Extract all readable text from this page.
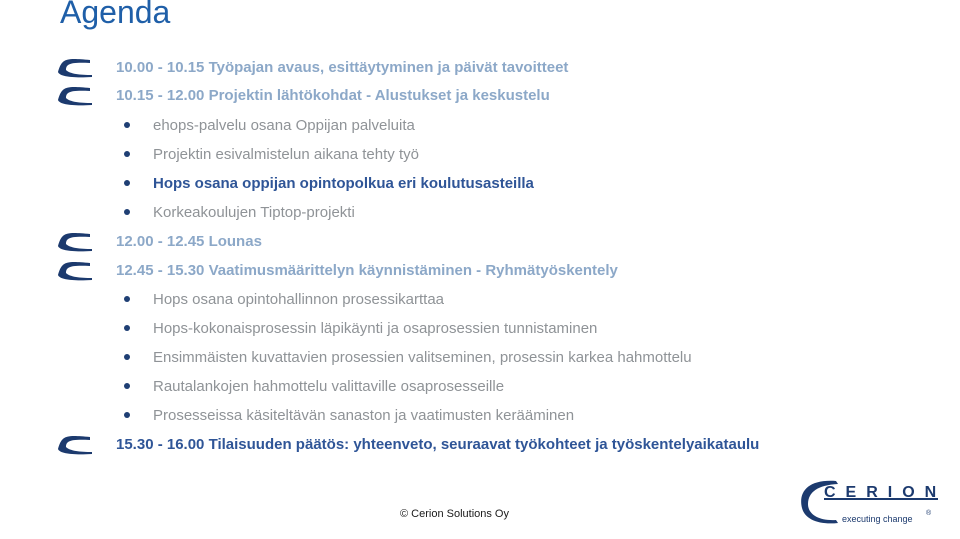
Agenda
10.00 - 10.15 Työpajan avaus, esittäytyminen ja päivät tavoitteet
10.15 - 12.00 Projektin lähtökohdat - Alustukset ja keskustelu
ehops-palvelu osana Oppijan palveluita
Projektin esivalmistelun aikana tehty työ
Hops osana oppijan opintopolkua eri koulutusasteilla
Korkeakoulujen Tiptop-projekti
12.00 - 12.45 Lounas
12.45 - 15.30 Vaatimusmäärittelyn käynnistäminen - Ryhmätyöskentely
Hops osana opintohallinnon prosessikarttaa
Hops-kokonaisprosessin läpikäynti ja osaprosessien tunnistaminen
Ensimmäisten kuvattavien prosessien valitseminen, prosessin karkea hahmottelu
Rautalankojen hahmottelu valittaville osaprosesseille
Prosesseissa käsiteltävän sanaston ja vaatimusten kerääminen
15.30 - 16.00 Tilaisuuden päätös: yhteenveto, seuraavat työkohteet ja työskentelyaikataulu
© Cerion Solutions Oy
CERION
executing change
®
